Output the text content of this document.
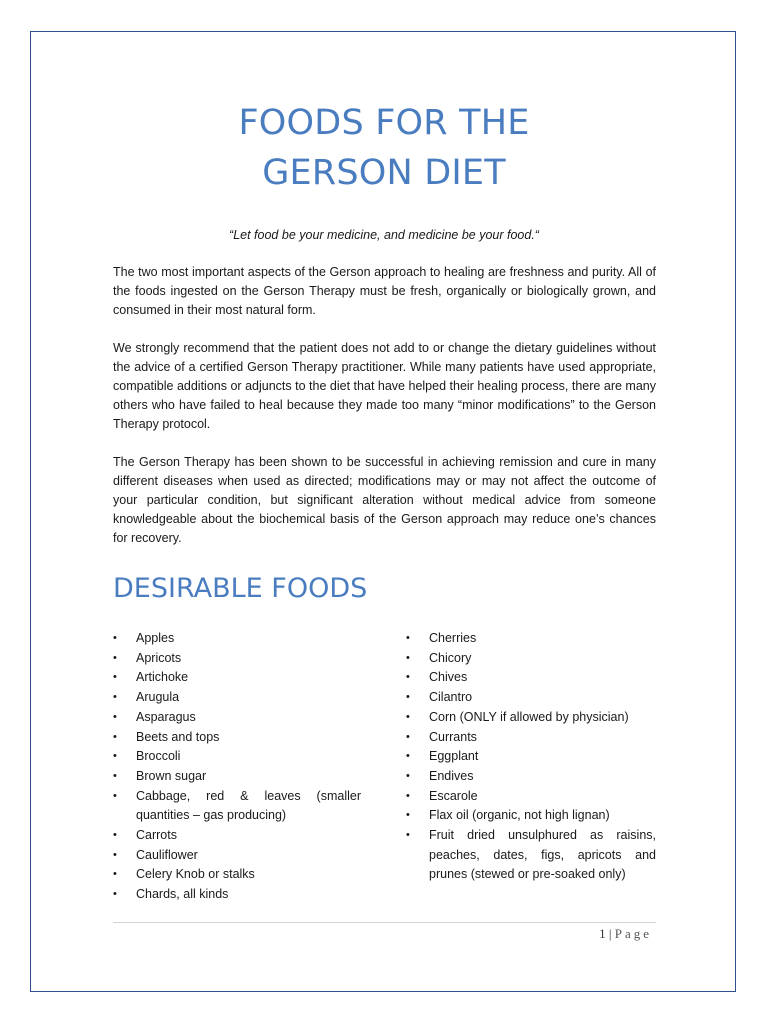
FOODS FOR THE
GERSON DIET
“Let food be your medicine, and medicine be your food.“
The two most important aspects of the Gerson approach to healing are freshness and purity. All of the foods ingested on the Gerson Therapy must be fresh, organically or biologically grown, and consumed in their most natural form.
We strongly recommend that the patient does not add to or change the dietary guidelines without the advice of a certified Gerson Therapy practitioner. While many patients have used appropriate, compatible additions or adjuncts to the diet that have helped their healing process, there are many others who have failed to heal because they made too many “minor modifications” to the Gerson Therapy protocol.
The Gerson Therapy has been shown to be successful in achieving remission and cure in many different diseases when used as directed; modifications may or may not affect the outcome of your particular condition, but significant alteration without medical advice from someone knowledgeable about the biochemical basis of the Gerson approach may reduce one’s chances for recovery.
DESIRABLE FOODS
• Apples
• Apricots
• Artichoke
• Arugula
• Asparagus
• Beets and tops
• Broccoli
• Brown sugar
• Cabbage, red & leaves (smaller quantities – gas producing)
• Carrots
• Cauliflower
• Celery Knob or stalks
• Chards, all kinds
• Cherries
• Chicory
• Chives
• Cilantro
• Corn (ONLY if allowed by physician)
• Currants
• Eggplant
• Endives
• Escarole
• Flax oil (organic, not high lignan)
• Fruit dried unsulphured as raisins, peaches, dates, figs, apricots and prunes (stewed or pre-soaked only)
1 | Page
